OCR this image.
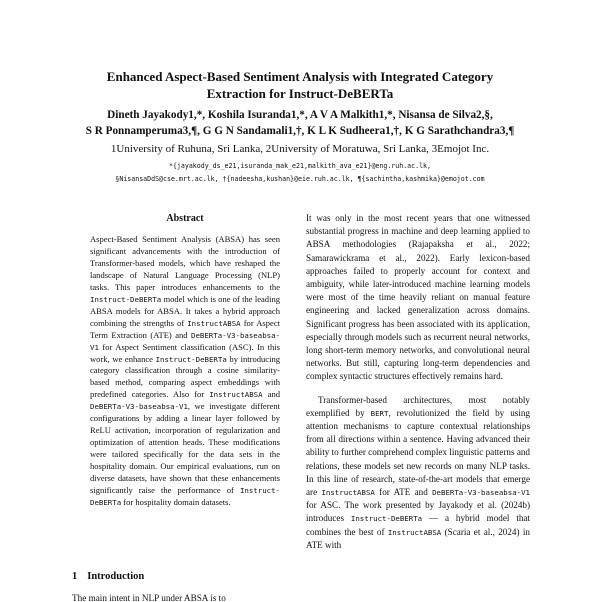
Enhanced Aspect-Based Sentiment Analysis with Integrated Category
Extraction for Instruct-DeBERTa
Dineth Jayakody1,*, Koshila Isuranda1,*, A V A Malkith1,*, Nisansa de Silva2,§,
S R Ponnamperuma3,¶, G G N Sandamali1,†, K L K Sudheera1,†, K G Sarathchandra3,¶
1University of Ruhuna, Sri Lanka, 2University of Moratuwa, Sri Lanka, 3Emojot Inc.
*{jayakody_ds_e21,isuranda_mak_e21,malkith_ava_e21}@eng.ruh.ac.lk,
§NisansaDdS@cse.mrt.ac.lk, †{nadeesha,kushan}@eie.ruh.ac.lk, ¶{sachintha,kashmika}@emojot.com
Abstract
Aspect-Based Sentiment Analysis (ABSA) has seen significant advancements with the introduction of Transformer-based models, which have reshaped the landscape of Natural Language Processing (NLP) tasks. This paper introduces enhancements to the Instruct-DeBERTa model which is one of the leading ABSA models for ABSA. It takes a hybrid approach combining the strengths of InstructABSA for Aspect Term Extraction (ATE) and DeBERTa-V3-baseabsa-V1 for Aspect Sentiment classification (ASC). In this work, we enhance Instruct-DeBERTa by introducing category classification through a cosine similarity-based method, comparing aspect embeddings with predefined categories. Also for InstructABSA and DeBERTa-V3-baseabsa-V1, we investigate different configurations by adding a linear layer followed by ReLU activation, incorporation of regularization and optimization of attention heads. These modifications were tailored specifically for the data sets in the hospitality domain. Our empirical evaluations, run on diverse datasets, have shown that these enhancements significantly raise the performance of Instruct-DeBERTa for hospitality domain datasets.
1 Introduction
The main intent in NLP under ABSA is to

It was only in the most recent years that one witnessed substantial progress in machine and deep learning applied to ABSA methodologies (Rajapaksha et al., 2022; Samarawickrama et al., 2022). Early lexicon-based approaches failed to properly account for context and ambiguity, while later-introduced machine learning models were most of the time heavily reliant on manual feature engineering and lacked generalization across domains. Significant progress has been associated with its application, especially through models such as recurrent neural networks, long short-term memory networks, and convolutional neural networks. But still, capturing long-term dependencies and complex syntactic structures effectively remains hard.

Transformer-based architectures, most notably exemplified by BERT, revolutionized the field by using attention mechanisms to capture contextual relationships from all directions within a sentence. Having advanced their ability to further comprehend complex linguistic patterns and relations, these models set new records on many NLP tasks. In this line of research, state-of-the-art models that emerge are InstructABSA for ATE and DeBERTa-V3-baseabsa-V1 for ASC. The work presented by Jayakody et al. (2024b) introduces Instruct-DeBERTa — a hybrid model that combines the best of InstructABSA (Scaria et al., 2024) in ATE with
